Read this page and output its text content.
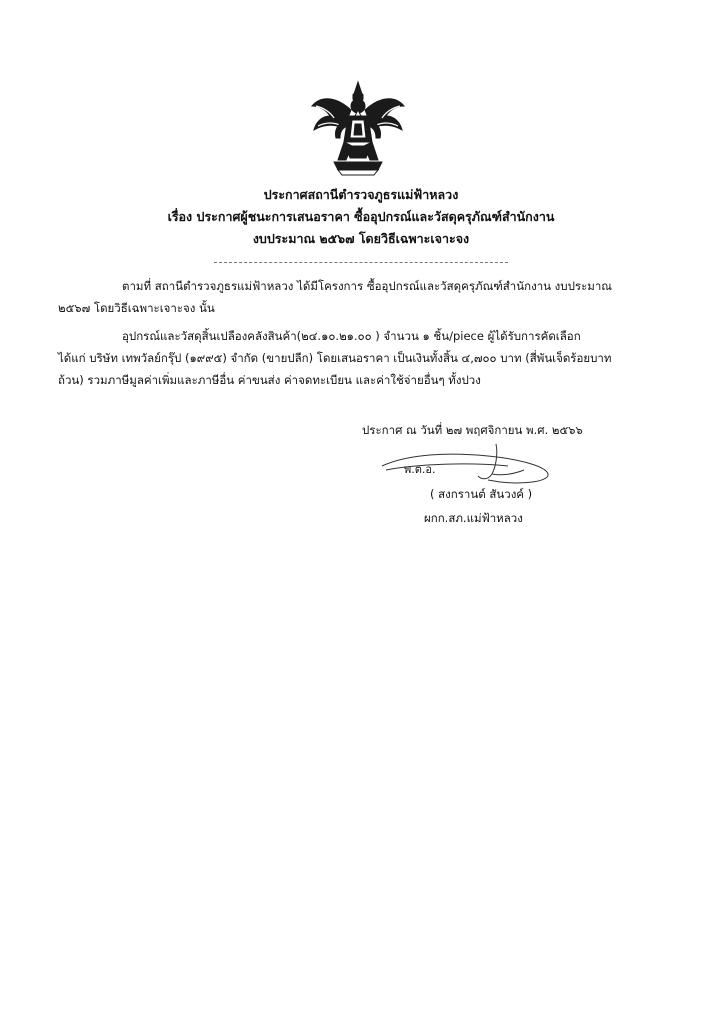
ประกาศสถานีตำรวจภูธรแม่ฟ้าหลวง
เรื่อง ประกาศผู้ชนะการเสนอราคา ซื้ออุปกรณ์และวัสดุครุภัณฑ์สำนักงาน
งบประมาณ ๒๕๖๗ โดยวิธีเฉพาะเจาะจง
ตามที่ สถานีตำรวจภูธรแม่ฟ้าหลวง ได้มีโครงการ ซื้ออุปกรณ์และวัสดุครุภัณฑ์สำนักงาน งบประมาณ
๒๕๖๗ โดยวิธีเฉพาะเจาะจง นั้น
อุปกรณ์และวัสดุสิ้นเปลืองคลังสินค้า(๒๔.๑๐.๒๑.๐๐ ) จำนวน ๑ ชิ้น/piece ผู้ได้รับการคัดเลือก
ได้แก่ บริษัท เทพวัลย์กรุ๊ป (๑๙๙๕) จำกัด (ขายปลีก) โดยเสนอราคา เป็นเงินทั้งสิ้น ๔,๗๐๐ บาท (สี่พันเจ็ดร้อยบาท
ถ้วน) รวมภาษีมูลค่าเพิ่มและภาษีอื่น ค่าขนส่ง ค่าจดทะเบียน และค่าใช้จ่ายอื่นๆ ทั้งปวง
ประกาศ ณ วันที่ ๒๗ พฤศจิกายน พ.ศ. ๒๕๖๖
พ.ต.อ.
( สงกรานต์ สันวงค์ )
ผกก.สภ.แม่ฟ้าหลวง
